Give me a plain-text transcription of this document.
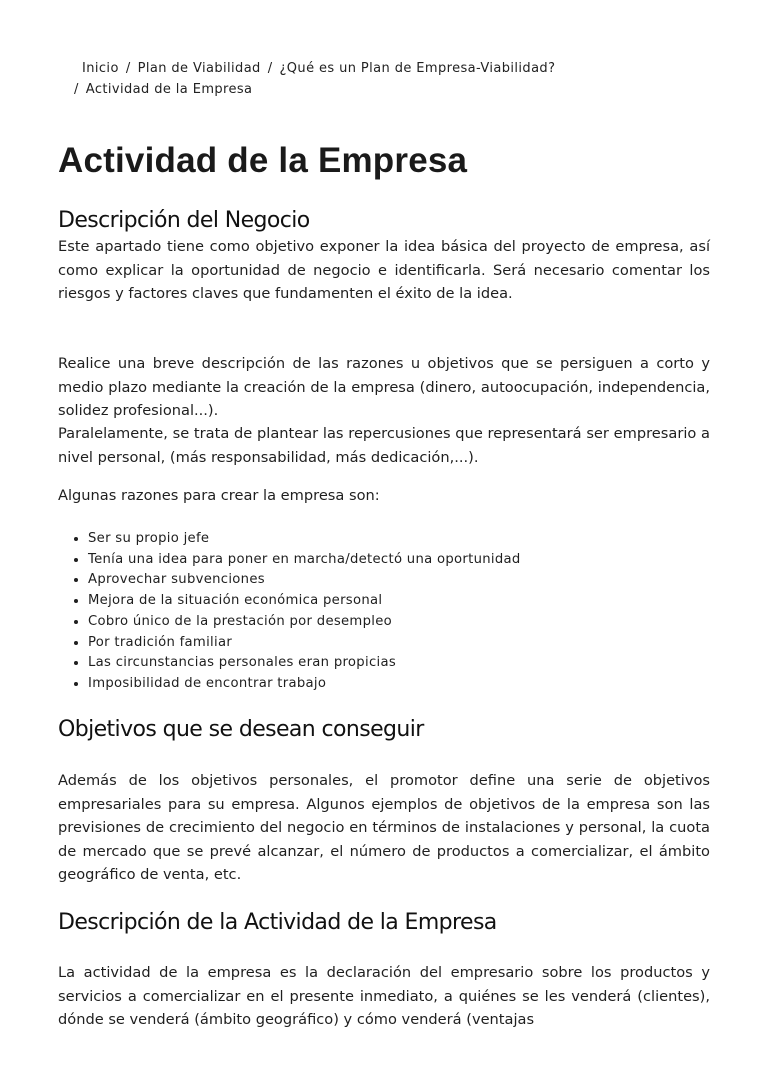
Inicio / Plan de Viabilidad / ¿Qué es un Plan de Empresa-Viabilidad?
/ Actividad de la Empresa
Actividad de la Empresa
Descripción del Negocio

Este apartado tiene como objetivo exponer la idea básica del proyecto de empresa, así como explicar la oportunidad de negocio e identificarla. Será necesario comentar los riesgos y factores claves que fundamenten el éxito de la idea.

Realice una breve descripción de las razones u objetivos que se persiguen a corto y medio plazo mediante la creación de la empresa (dinero, autoocupación, independencia, solidez profesional...).

Paralelamente, se trata de plantear las repercusiones que representará ser empresario a nivel personal, (más responsabilidad, más dedicación,...).

Algunas razones para crear la empresa son:

• Ser su propio jefe
• Tenía una idea para poner en marcha/detectó una oportunidad
• Aprovechar subvenciones
• Mejora de la situación económica personal
• Cobro único de la prestación por desempleo
• Por tradición familiar
• Las circunstancias personales eran propicias
• Imposibilidad de encontrar trabajo
Objetivos que se desean conseguir

Además de los objetivos personales, el promotor define una serie de objetivos empresariales para su empresa. Algunos ejemplos de objetivos de la empresa son las previsiones de crecimiento del negocio en términos de instalaciones y personal, la cuota de mercado que se prevé alcanzar, el número de productos a comercializar, el ámbito geográfico de venta, etc.

Descripción de la Actividad de la Empresa

La actividad de la empresa es la declaración del empresario sobre los productos y servicios a comercializar en el presente inmediato, a quiénes se les venderá (clientes), dónde se venderá (ámbito geográfico) y cómo venderá (ventajas
